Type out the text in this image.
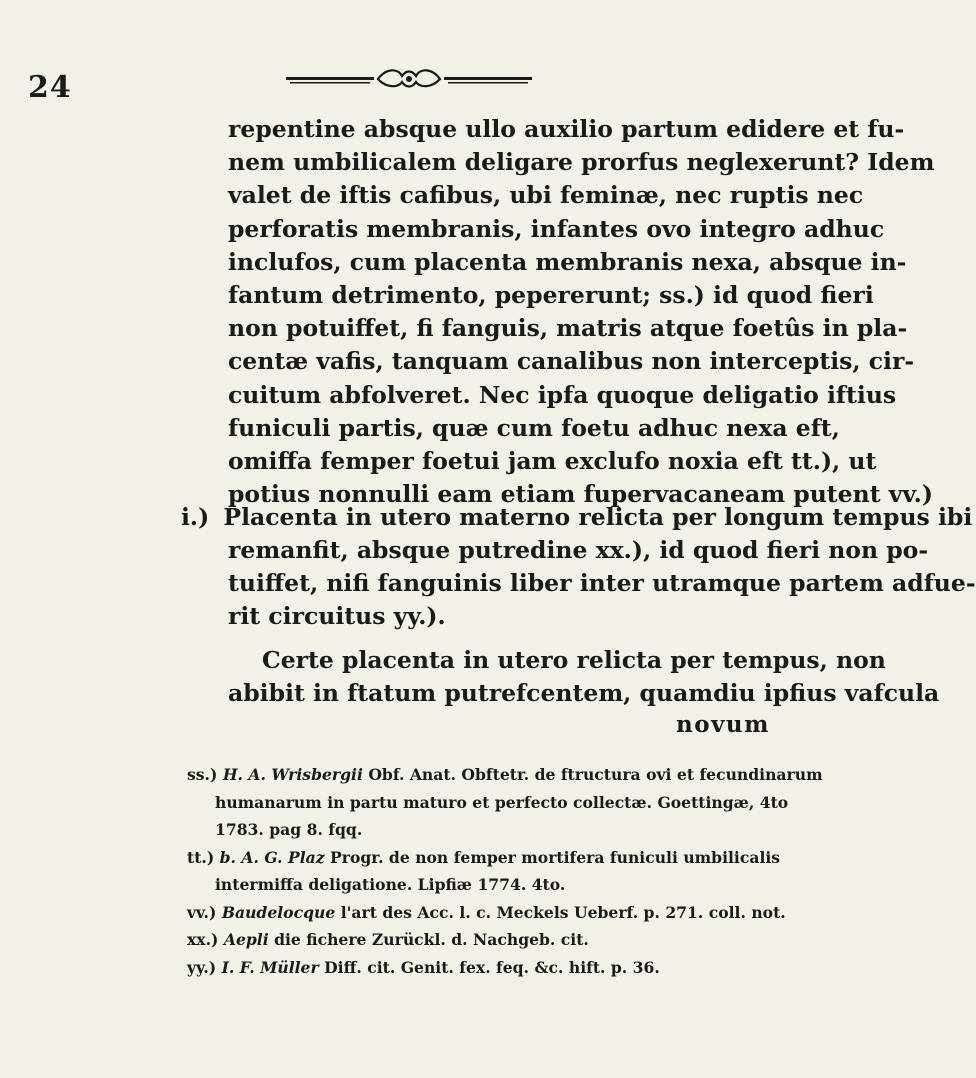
24
repentine absque ullo auxilio partum edidere et fu-
nem umbilicalem deligare prorfus neglexerunt? Idem
valet de iftis cafibus, ubi feminæ, nec ruptis nec
perforatis membranis, infantes ovo integro adhuc
inclufos, cum placenta membranis nexa, absque in-
fantum detrimento, pepererunt; ss.) id quod fieri
non potuiffet, fi fanguis, matris atque foetûs in pla-
centæ vafis, tanquam canalibus non interceptis, cir-
cuitum abfolveret. Nec ipfa quoque deligatio iftius
funiculi partis, quæ cum foetu adhuc nexa eft,
omiffa femper foetui jam exclufo noxia eft tt.), ut
potius nonnulli eam etiam fupervacaneam putent vv.)
i.) Placenta in utero materno relicta per longum tempus ibi
remanfit, absque putredine xx.), id quod fieri non po-
tuiffet, nifi fanguinis liber inter utramque partem adfue-
rit circuitus yy.).
Certe placenta in utero relicta per tempus, non
abibit in ftatum putrefcentem, quamdiu ipfius vafcula
novum
ss.) H. A. Wrisbergii Obf. Anat. Obftetr. de ftructura ovi et fecundinarum
humanarum in partu maturo et perfecto collectæ. Goettingæ, 4to
1783. pag 8. fqq.
tt.) b. A. G. Plaz Progr. de non femper mortifera funiculi umbilicalis
intermiffa deligatione. Lipfiæ 1774. 4to.
vv.) Baudelocque l'art des Acc. l. c. Meckels Ueberf. p. 271. coll. not.
xx.) Aepli die fichere Zurückl. d. Nachgeb. cit.
yy.) I. F. Müller Diff. cit. Genit. fex. feq. &c. hift. p. 36.
